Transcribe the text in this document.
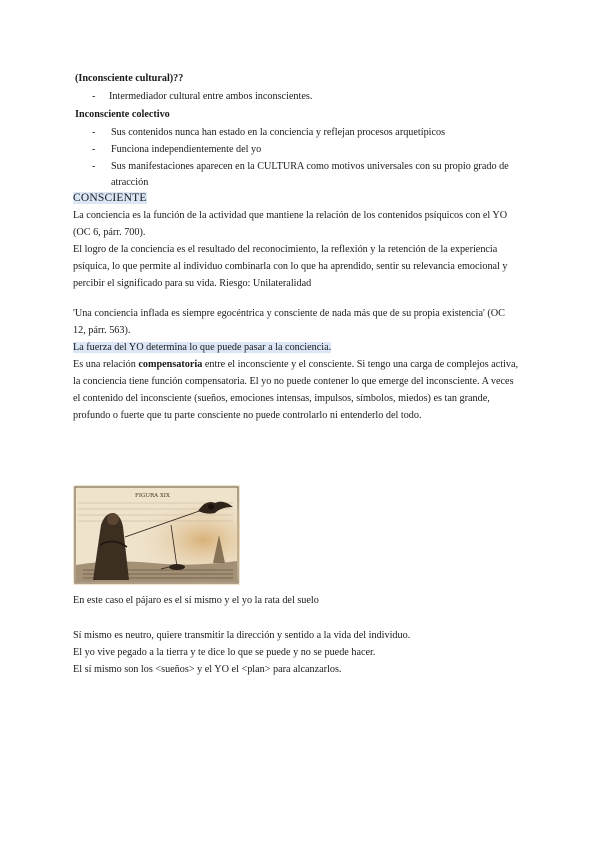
(Inconsciente cultural)??
- Intermediador cultural entre ambos inconscientes.
Inconsciente colectivo
- Sus contenidos nunca han estado en la conciencia y reflejan procesos arquetípicos
- Funciona independientemente del yo
- Sus manifestaciones aparecen en la CULTURA como motivos universales con su propio grado de
atracción
CONSCIENTE
La conciencia es la función de la actividad que mantiene la relación de los contenidos psíquicos con el YO
(OC 6, párr. 700).
El logro de la conciencia es el resultado del reconocimiento, la reflexión y la retención de la experiencia
psíquica, lo que permite al individuo combinarla con lo que ha aprendido, sentir su relevancia emocional y
percibir el significado para su vida. Riesgo: Unilateralidad
'Una conciencia inflada es siempre egocéntrica y consciente de nada más que de su propia existencia' (OC
12, párr. 563).
La fuerza del YO determina lo que puede pasar a la conciencia.
Es una relación compensatoria entre el inconsciente y el consciente. Si tengo una carga de complejos activa,
la conciencia tiene función compensatoria. El yo no puede contener lo que emerge del inconsciente. A veces
el contenido del inconsciente (sueños, emociones intensas, impulsos, símbolos, miedos) es tan grande,
profundo o fuerte que tu parte consciente no puede controlarlo ni entenderlo del todo.
FIGURA XIX
En este caso el pájaro es el sí mismo y el yo la rata del suelo
Sí mismo es neutro, quiere transmitir la dirección y sentido a la vida del individuo.
El yo vive pegado a la tierra y te dice lo que se puede y no se puede hacer.
El sí mismo son los <sueños> y el YO el <plan> para alcanzarlos.
